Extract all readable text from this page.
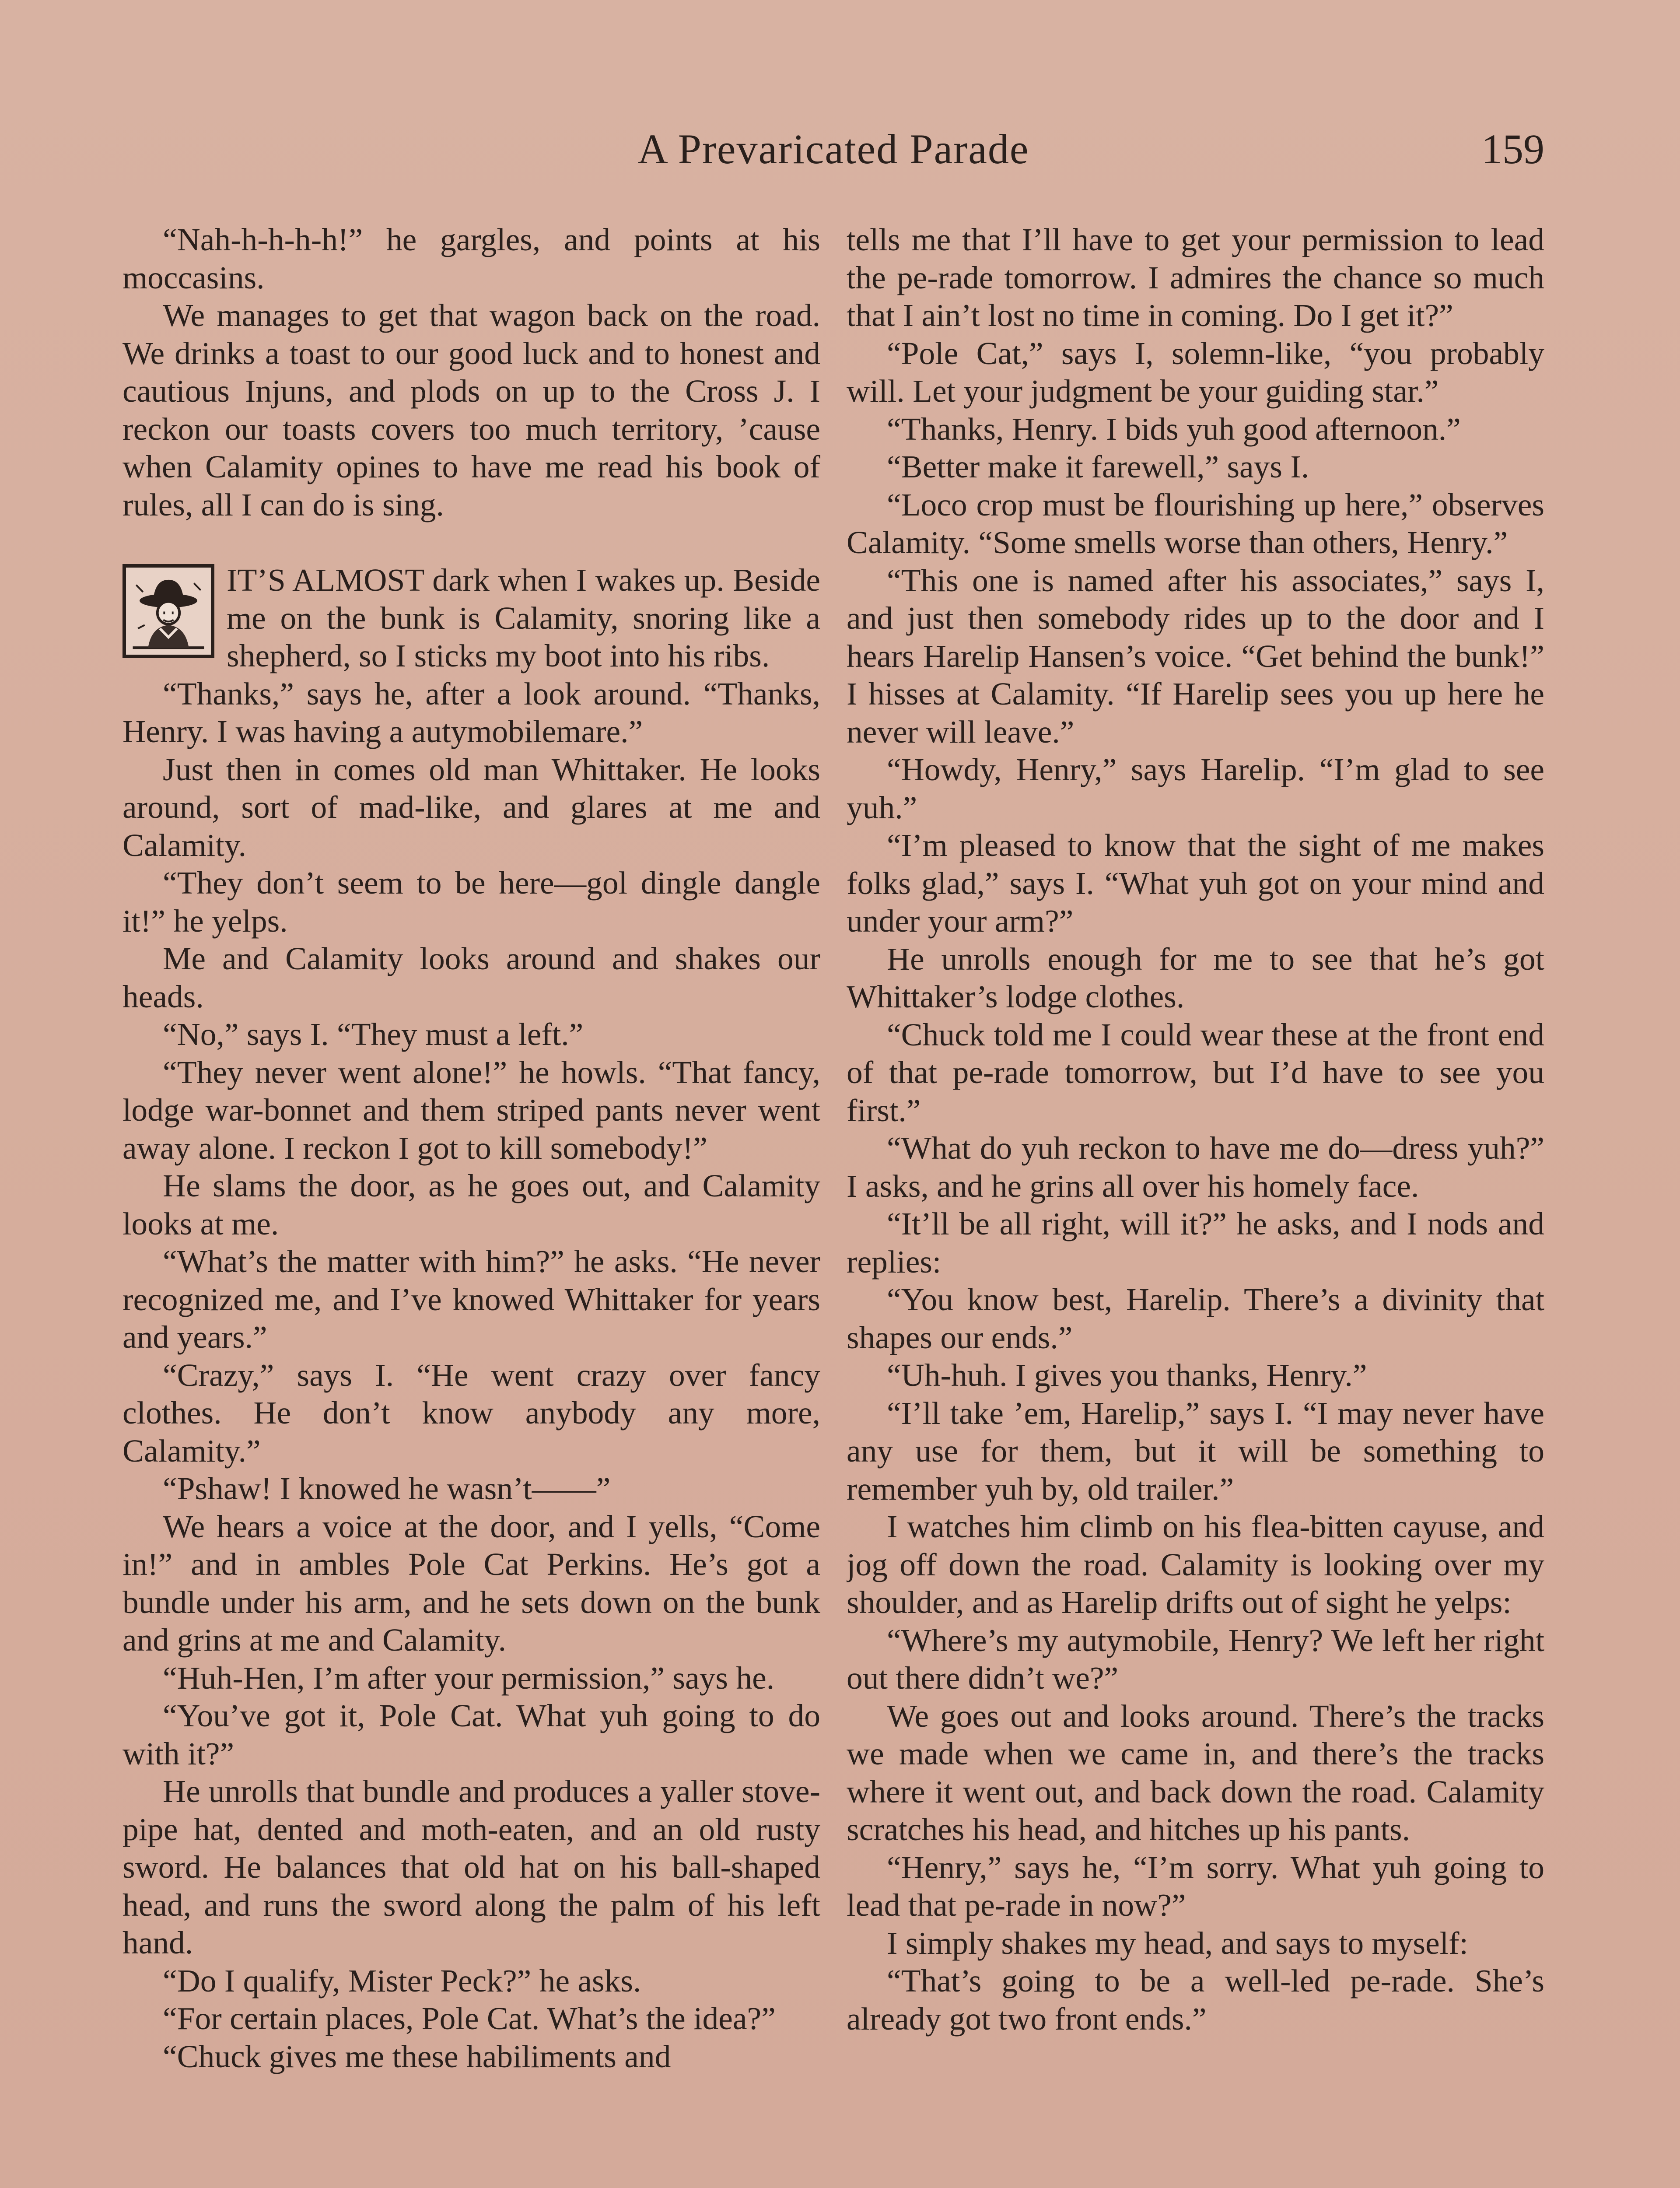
A Prevaricated Parade	159

“Nah-h-h-h-h!” he gargles, and points at his moccasins.

We manages to get that wagon back on the road. We drinks a toast to our good luck and to honest and cautious Injuns, and plods on up to the Cross J. I reckon our toasts covers too much territory, ’cause when Calamity opines to have me read his book of rules, all I can do is sing.

IT’S ALMOST dark when I wakes up. Beside me on the bunk is Calamity, snoring like a shepherd, so I sticks my boot into his ribs.

“Thanks,” says he, after a look around. “Thanks, Henry. I was having a autymobilemare.”

Just then in comes old man Whittaker. He looks around, sort of mad-like, and glares at me and Calamity.

“They don’t seem to be here—gol dingle dangle it!” he yelps.

Me and Calamity looks around and shakes our heads.

“No,” says I. “They must a left.”

“They never went alone!” he howls. “That fancy, lodge war-bonnet and them striped pants never went away alone. I reckon I got to kill somebody!”

He slams the door, as he goes out, and Calamity looks at me.

“What’s the matter with him?” he asks. “He never recognized me, and I’ve knowed Whittaker for years and years.”

“Crazy,” says I. “He went crazy over fancy clothes. He don’t know anybody any more, Calamity.”

“Pshaw! I knowed he wasn’t——”

We hears a voice at the door, and I yells, “Come in!” and in ambles Pole Cat Perkins. He’s got a bundle under his arm, and he sets down on the bunk and grins at me and Calamity.

“Huh-Hen, I’m after your permission,” says he.

“You’ve got it, Pole Cat. What yuh going to do with it?”

He unrolls that bundle and produces a yaller stove-pipe hat, dented and moth-eaten, and an old rusty sword. He balances that old hat on his ball-shaped head, and runs the sword along the palm of his left hand.

“Do I qualify, Mister Peck?” he asks.

“For certain places, Pole Cat. What’s the idea?”

“Chuck gives me these habiliments and

tells me that I’ll have to get your permission to lead the pe-rade tomorrow. I admires the chance so much that I ain’t lost no time in coming. Do I get it?”

“Pole Cat,” says I, solemn-like, “you probably will. Let your judgment be your guiding star.”

“Thanks, Henry. I bids yuh good afternoon.”

“Better make it farewell,” says I.

“Loco crop must be flourishing up here,” observes Calamity. “Some smells worse than others, Henry.”

“This one is named after his associates,” says I, and just then somebody rides up to the door and I hears Harelip Hansen’s voice. “Get behind the bunk!” I hisses at Calamity. “If Harelip sees you up here he never will leave.”

“Howdy, Henry,” says Harelip. “I’m glad to see yuh.”

“I’m pleased to know that the sight of me makes folks glad,” says I. “What yuh got on your mind and under your arm?”

He unrolls enough for me to see that he’s got Whittaker’s lodge clothes.

“Chuck told me I could wear these at the front end of that pe-rade tomorrow, but I’d have to see you first.”

“What do yuh reckon to have me do—dress yuh?” I asks, and he grins all over his homely face.

“It’ll be all right, will it?” he asks, and I nods and replies:

“You know best, Harelip. There’s a divinity that shapes our ends.”

“Uh-huh. I gives you thanks, Henry.”

“I’ll take ’em, Harelip,” says I. “I may never have any use for them, but it will be something to remember yuh by, old trailer.”

I watches him climb on his flea-bitten cayuse, and jog off down the road. Calamity is looking over my shoulder, and as Harelip drifts out of sight he yelps:

“Where’s my autymobile, Henry? We left her right out there didn’t we?”

We goes out and looks around. There’s the tracks we made when we came in, and there’s the tracks where it went out, and back down the road. Calamity scratches his head, and hitches up his pants.

“Henry,” says he, “I’m sorry. What yuh going to lead that pe-rade in now?”

I simply shakes my head, and says to myself:

“That’s going to be a well-led pe-rade. She’s already got two front ends.”
